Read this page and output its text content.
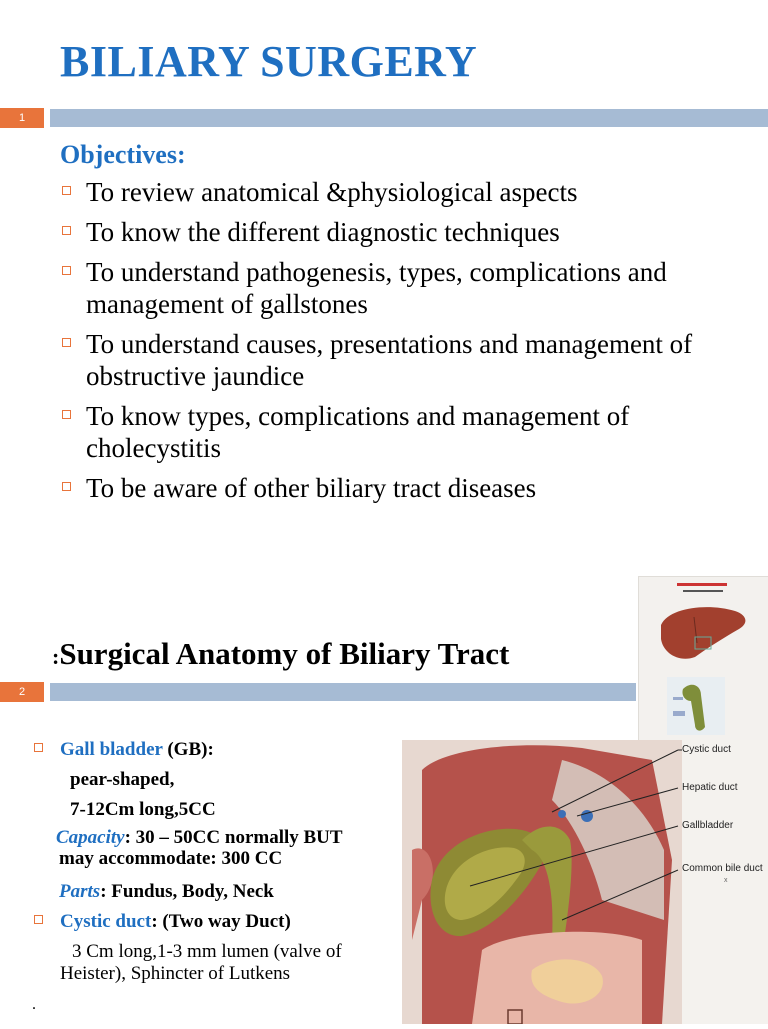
BILIARY SURGERY
1
Objectives:
To review anatomical &physiological aspects
To know the different diagnostic techniques
To understand pathogenesis, types, complications and management of gallstones
To understand causes, presentations and management of obstructive jaundice
To know types, complications and management of cholecystitis
To be aware of other biliary tract diseases
:Surgical Anatomy of Biliary Tract
2
Gall bladder (GB):
pear-shaped,
7-12Cm long,5CC
Capacity: 30 – 50CC normally BUT
may accommodate: 300 CC
Parts: Fundus, Body, Neck
Cystic duct: (Two way Duct)
3 Cm long,1-3 mm lumen (valve of
Heister), Sphincter of Lutkens
.
x
Cystic duct
Hepatic duct
Gallbladder
Common bile duct
